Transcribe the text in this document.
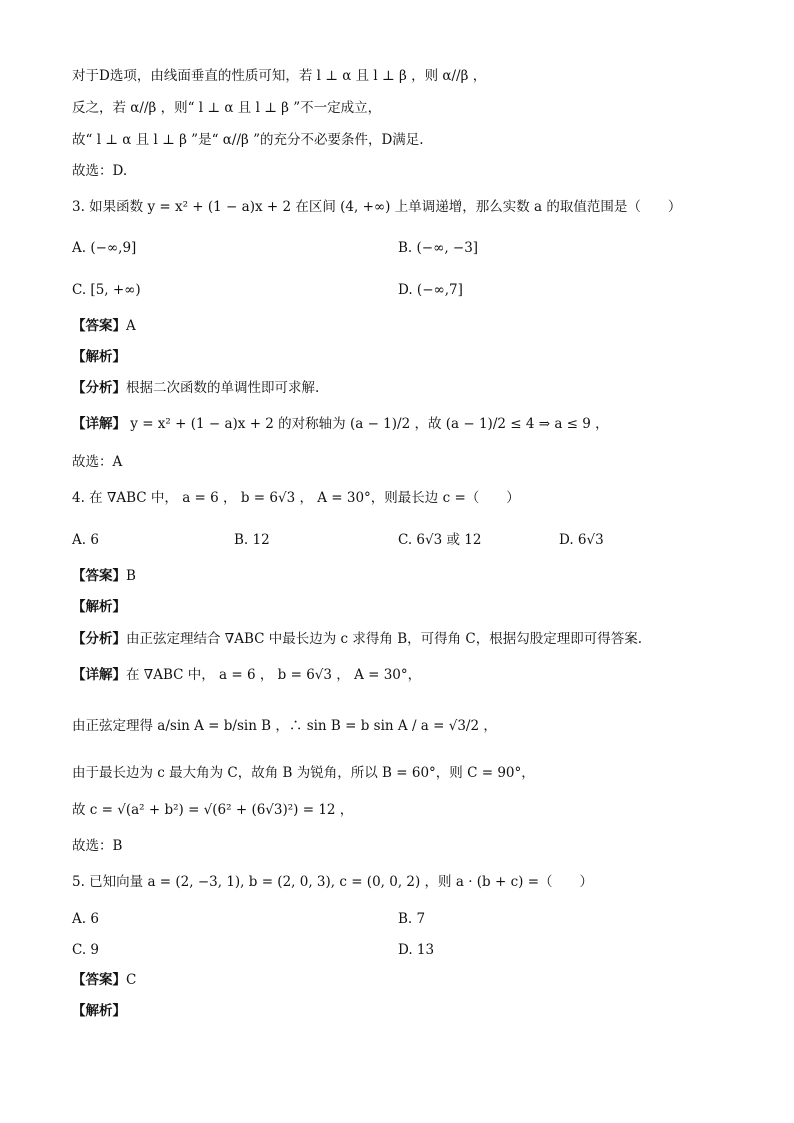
对于D选项，由线面垂直的性质可知，若 l ⊥ α 且 l ⊥ β ，则 α//β ，
反之，若 α//β ，则“ l ⊥ α 且 l ⊥ β ”不一定成立，
故“ l ⊥ α 且 l ⊥ β ”是“ α//β ”的充分不必要条件，D满足.
故选：D.
3. 如果函数 y = x² + (1 − a)x + 2 在区间 (4, +∞) 上单调递增，那么实数 a 的取值范围是（　　）
A. (−∞,9]	B. (−∞, −3]
C. [5, +∞)	D. (−∞,7]
【答案】A
【解析】
【分析】根据二次函数的单调性即可求解.
【详解】 y = x² + (1 − a)x + 2 的对称轴为 (a − 1)/2 ，故 (a − 1)/2 ≤ 4 ⇒ a ≤ 9 ，
故选：A
4. 在 ∇ABC 中， a = 6 ， b = 6√3 ， A = 30°，则最长边 c =（　　）
A. 6	B. 12	C. 6√3 或 12	D. 6√3
【答案】B
【解析】
【分析】由正弦定理结合 ∇ABC 中最长边为 c 求得角 B，可得角 C，根据勾股定理即可得答案.
【详解】在 ∇ABC 中， a = 6 ， b = 6√3 ， A = 30°，
由正弦定理得 a/sin A = b/sin B ，∴ sin B = b sin A / a = √3/2 ，
由于最长边为 c 最大角为 C，故角 B 为锐角，所以 B = 60°，则 C = 90°，
故 c = √(a² + b²) = √(6² + (6√3)²) = 12 ，
故选：B
5. 已知向量 a = (2, −3, 1), b = (2, 0, 3), c = (0, 0, 2) ，则 a · (b + c) =（　　）
A. 6	B. 7
C. 9	D. 13
【答案】C
【解析】
